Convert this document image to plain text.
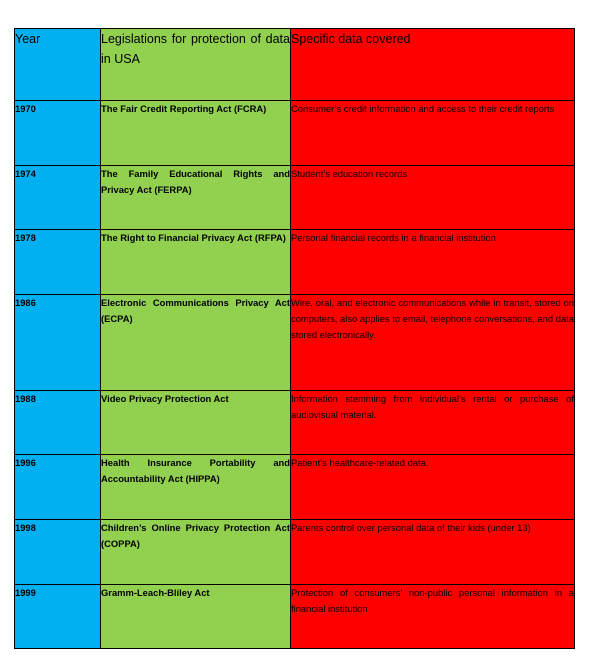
Year	Legislations for protection of data in USA	Specific data covered
1970	The Fair Credit Reporting Act (FCRA)	Consumer’s credit information and access to their credit reports
1974	The Family Educational Rights and Privacy Act (FERPA)	Student’s education records
1978	The Right to Financial Privacy Act (RFPA)	Personal financial records in a financial institution
1986	Electronic Communications Privacy Act (ECPA)	Wire, oral, and electronic communications while in transit, stored on computers, also applies to email, telephone conversations, and data stored electronically.
1988	Video Privacy Protection Act	Information stemming from individual’s rental or purchase of audiovisual material.
1996	Health Insurance Portability and Accountability Act (HIPPA)	Patient’s healthcare-related data.
1998	Children’s Online Privacy Protection Act (COPPA)	Parents control over personal data of their kids (under 13)
1999	Gramm-Leach-Bliley Act	Protection of consumers’ non-public personal information in a financial institution
